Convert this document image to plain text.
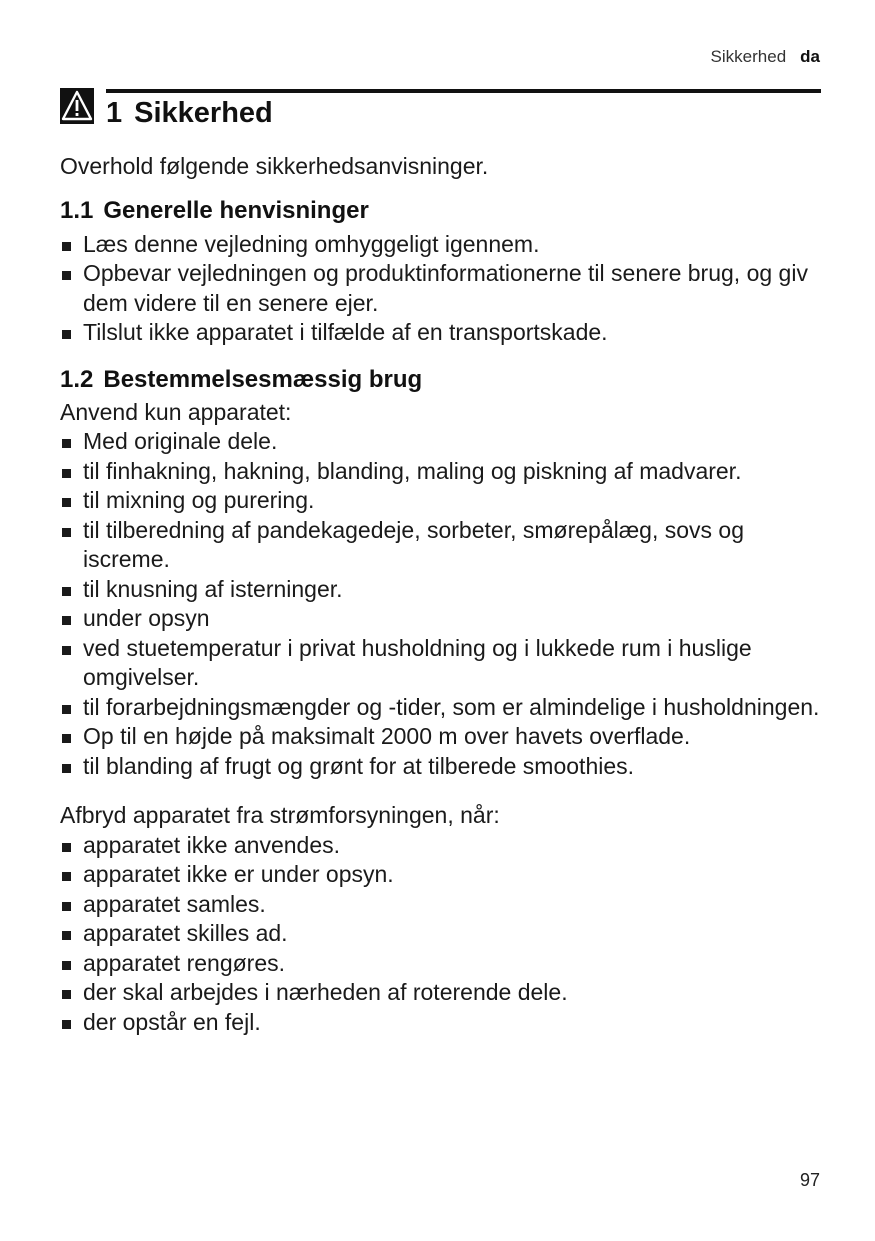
Sikkerhed da
1 Sikkerhed

Overhold følgende sikkerhedsanvisninger.

1.1 Generelle henvisninger
Læs denne vejledning omhyggeligt igennem.
Opbevar vejledningen og produktinformationerne til senere brug, og giv dem videre til en senere ejer.
Tilslut ikke apparatet i tilfælde af en transportskade.
1.2 Bestemmelsesmæssig brug

Anvend kun apparatet:

Med originale dele.
til finhakning, hakning, blanding, maling og piskning af madvarer.
til mixning og purering.
til tilberedning af pandekagedeje, sorbeter, smørepålæg, sovs og iscreme.
til knusning af isterninger.
under opsyn
ved stuetemperatur i privat husholdning og i lukkede rum i huslige omgivelser.
til forarbejdningsmængder og ‑tider, som er almindelige i husholdningen.
Op til en højde på maksimalt 2000 m over havets overflade.
til blanding af frugt og grønt for at tilberede smoothies.

Afbryd apparatet fra strømforsyningen, når:

apparatet ikke anvendes.
apparatet ikke er under opsyn.
apparatet samles.
apparatet skilles ad.
apparatet rengøres.
der skal arbejdes i nærheden af roterende dele.
der opstår en fejl.
97
